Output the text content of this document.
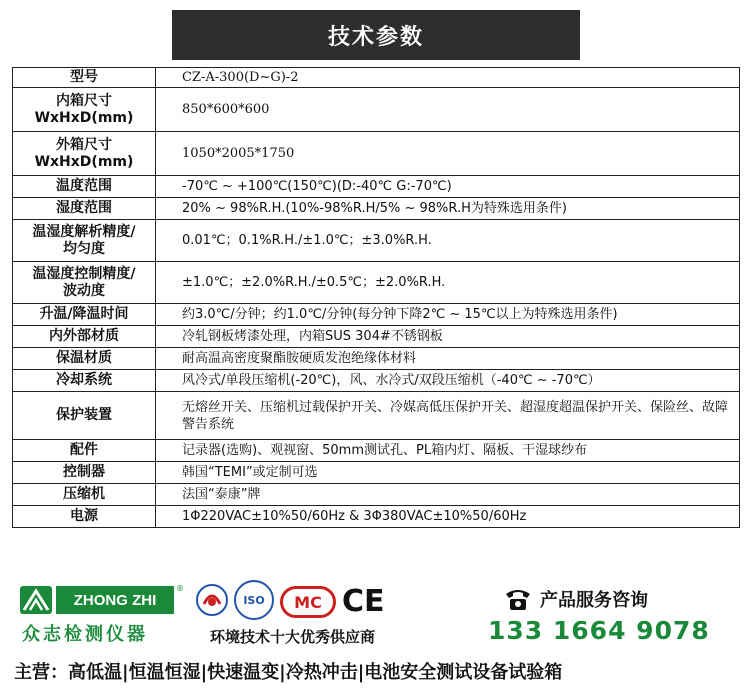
技术参数
型号	CZ-A-300(D~G)-2
内箱尺寸
WxHxD(mm)	850*600*600
外箱尺寸
WxHxD(mm)	1050*2005*1750
温度范围	-70℃ ~ +100℃(150℃)(D:-40℃ G:-70℃)
湿度范围	20% ~ 98%R.H.(10%-98%R.H/5% ~ 98%R.H为特殊选用条件)
温湿度解析精度/
均匀度	0.01℃；0.1%R.H./±1.0℃；±3.0%R.H.
温湿度控制精度/
波动度	±1.0℃；±2.0%R.H./±0.5℃；±2.0%R.H.
升温/降温时间	约3.0℃/分钟；约1.0℃/分钟(每分钟下降2℃ ~ 15℃以上为特殊选用条件)
内外部材质	冷轧钢板烤漆处理，内箱SUS 304#不锈钢板
保温材质	耐高温高密度聚酯胺硬质发泡绝缘体材料
冷却系统	风冷式/单段压缩机(-20℃)，风、水冷式/双段压缩机（-40℃ ~ -70℃）
保护装置	无熔丝开关、压缩机过载保护开关、冷媒高低压保护开关、超湿度超温保护开关、保险丝、故障警告系统
配件	记录器(选购)、观视窗、50mm测试孔、PL箱内灯、隔板、干湿球纱布
控制器	韩国“TEMI”或定制可选
压缩机	法国“泰康”牌
电源	1Φ220VAC±10%50/60Hz & 3Φ380VAC±10%50/60Hz
ZHONG ZHI
®
众志检测仪器
ISO	MC CE
环境技术十大优秀供应商
产品服务咨询
133 1664 9078
主营：高低温|恒温恒湿|快速温变|冷热冲击|电池安全测试设备试验箱
